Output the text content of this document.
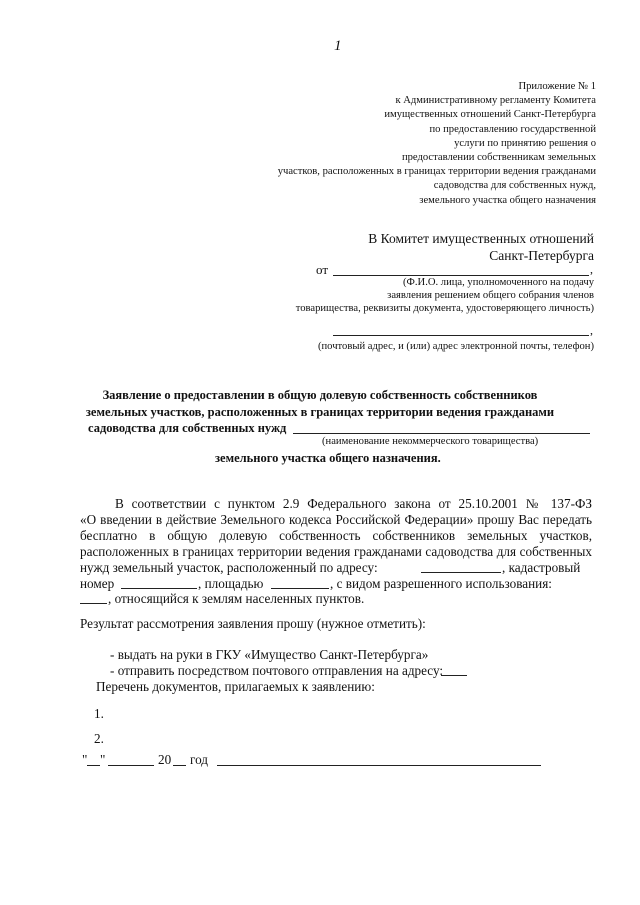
1
Приложение № 1
к Административному регламенту Комитета
имущественных отношений Санкт-Петербурга
по предоставлению государственной
услуги по принятию решения о
предоставлении собственникам земельных
участков, расположенных в границах территории ведения гражданами
садоводства для собственных нужд,
земельного участка общего назначения
В Комитет имущественных отношений
Санкт-Петербурга
от	,
(Ф.И.О. лица, уполномоченного на подачу
заявления решением общего собрания членов
товарищества, реквизиты документа, удостоверяющего личность)
,
(почтовый адрес, и (или) адрес электронной почты, телефон)
Заявление о предоставлении в общую долевую собственность собственников
земельных участков, расположенных в границах территории ведения гражданами
садоводства для собственных нужд
(наименование некоммерческого товарищества)
земельного участка общего назначения.
В соответствии с пунктом 2.9 Федерального закона от 25.10.2001 № 137-ФЗ
«О введении в действие Земельного кодекса Российской Федерации» прошу Вас передать
бесплатно в общую долевую собственность собственников земельных участков,
расположенных в границах территории ведения гражданами садоводства для собственных
нужд земельный участок, расположенный по адресу:	, кадастровый
номер	, площадью	, с видом разрешенного использования:
, относящийся к землям населенных пунктов.
Результат рассмотрения заявления прошу (нужное отметить):
- выдать на руки в ГКУ «Имущество Санкт-Петербурга»
- отправить посредством почтового отправления на адресу:
Перечень документов, прилагаемых к заявлению:
1.
2.
" "	20 год
